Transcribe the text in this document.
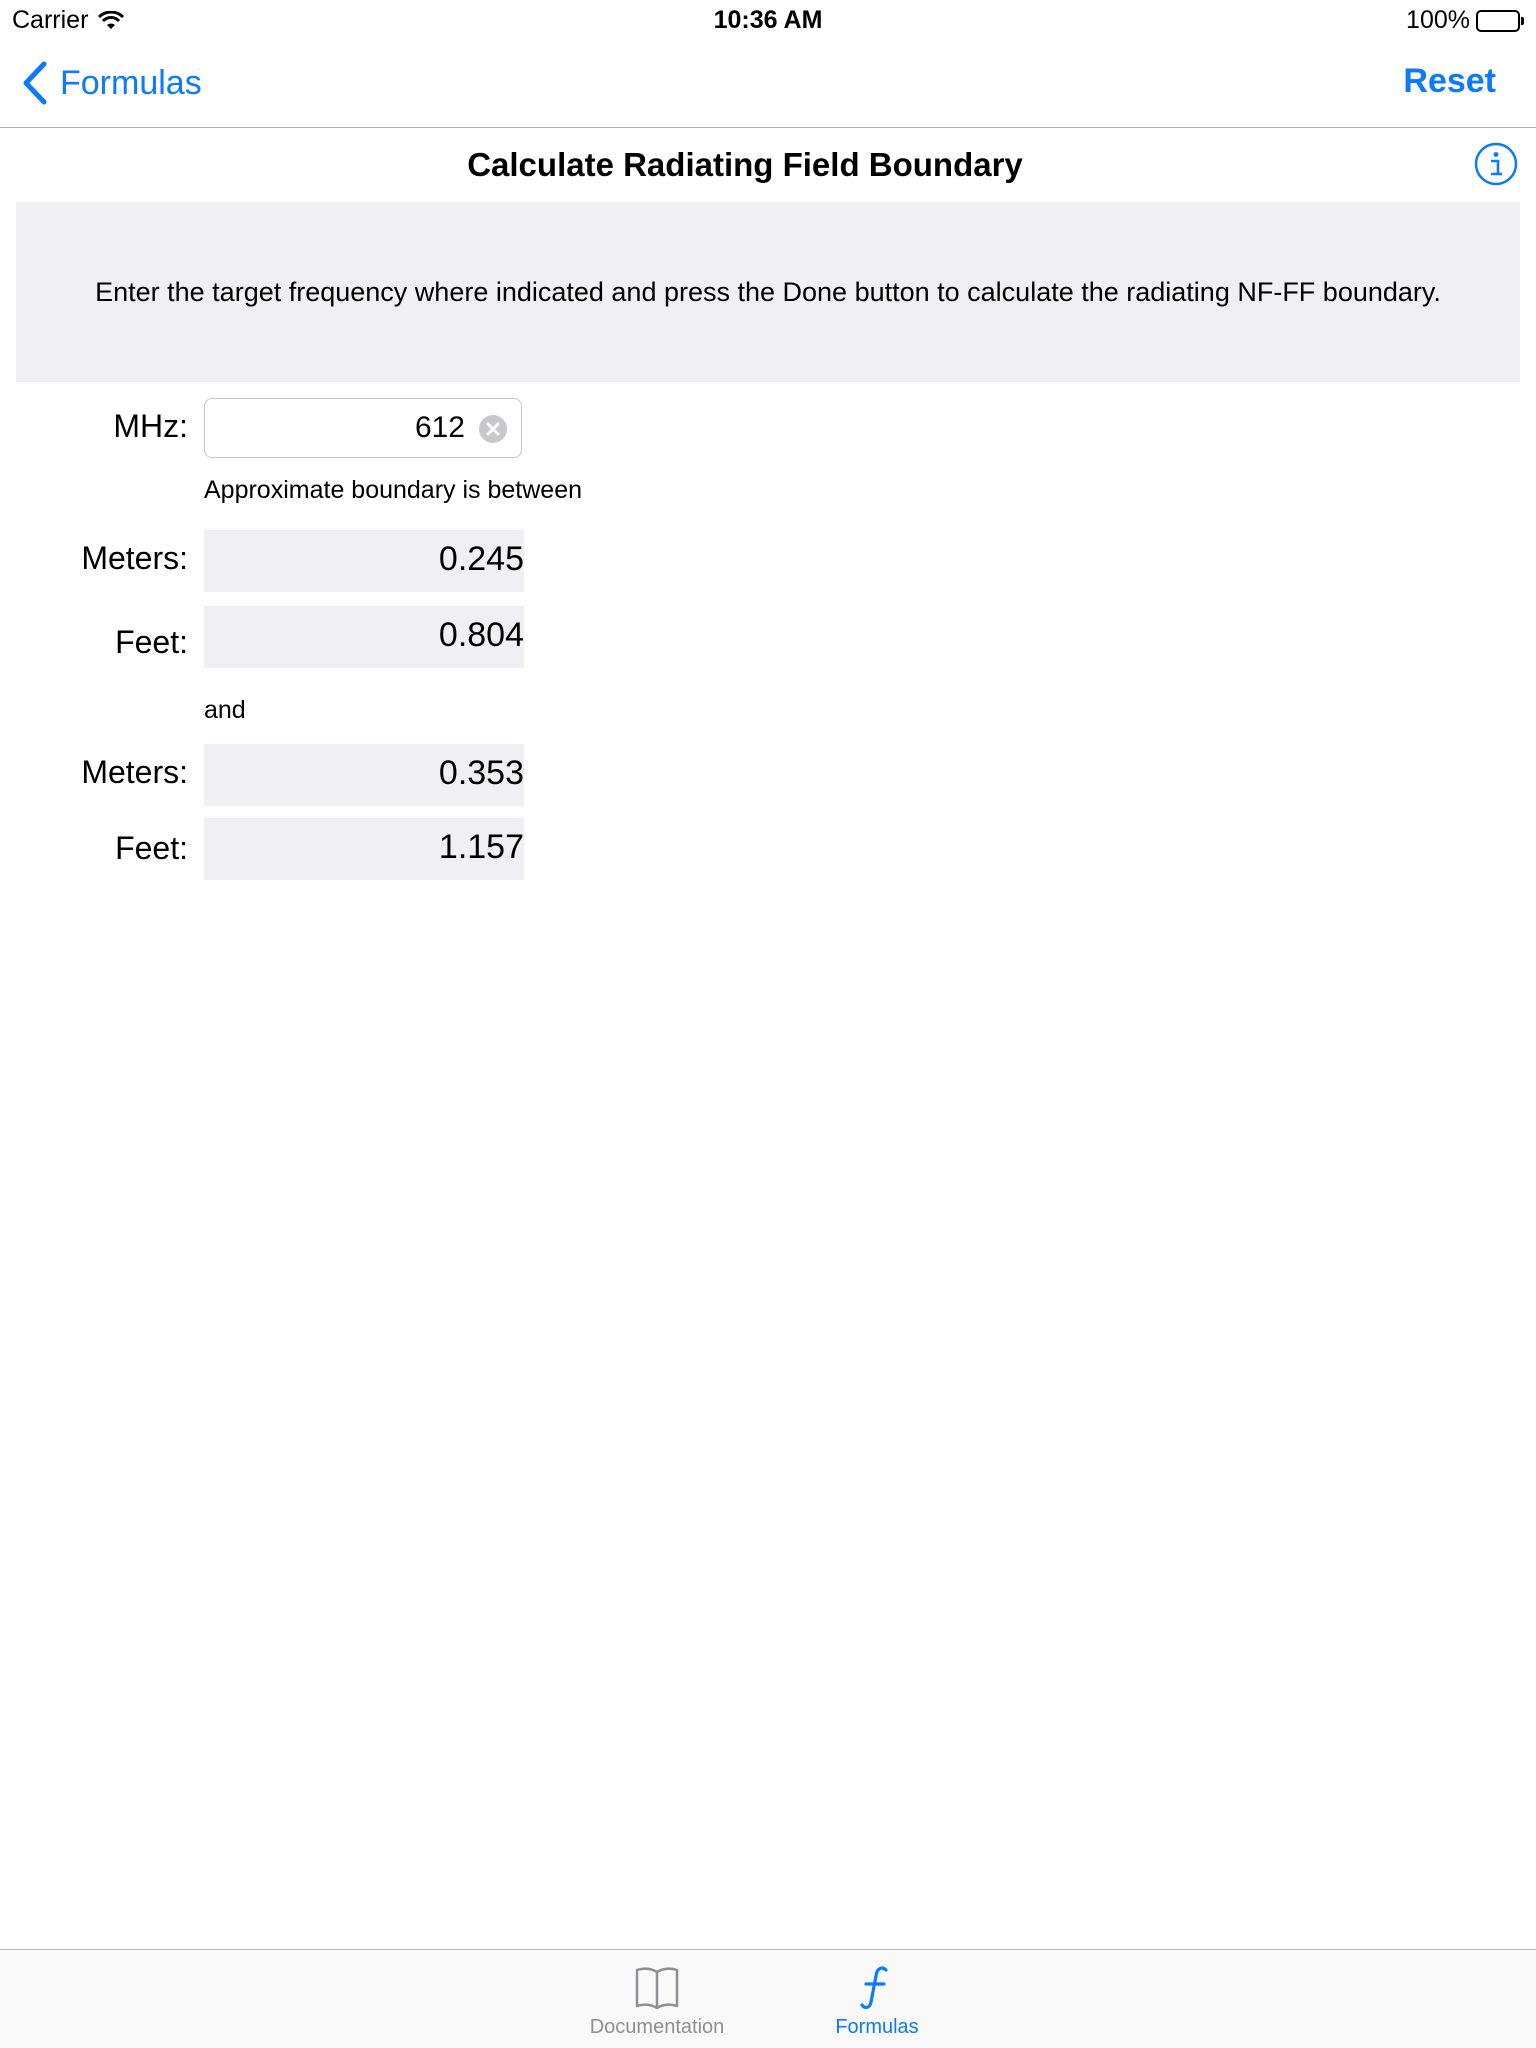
Carrier	10:36 AM	100%
Formulas	Reset
Calculate Radiating Field Boundary
Enter the target frequency where indicated and press the Done button to calculate the radiating NF-FF boundary.
MHz:
612
Approximate boundary is between
Meters:	0.245
Feet:	0.804
and
Meters:	0.353
Feet:	1.157
Documentation	Formulas
